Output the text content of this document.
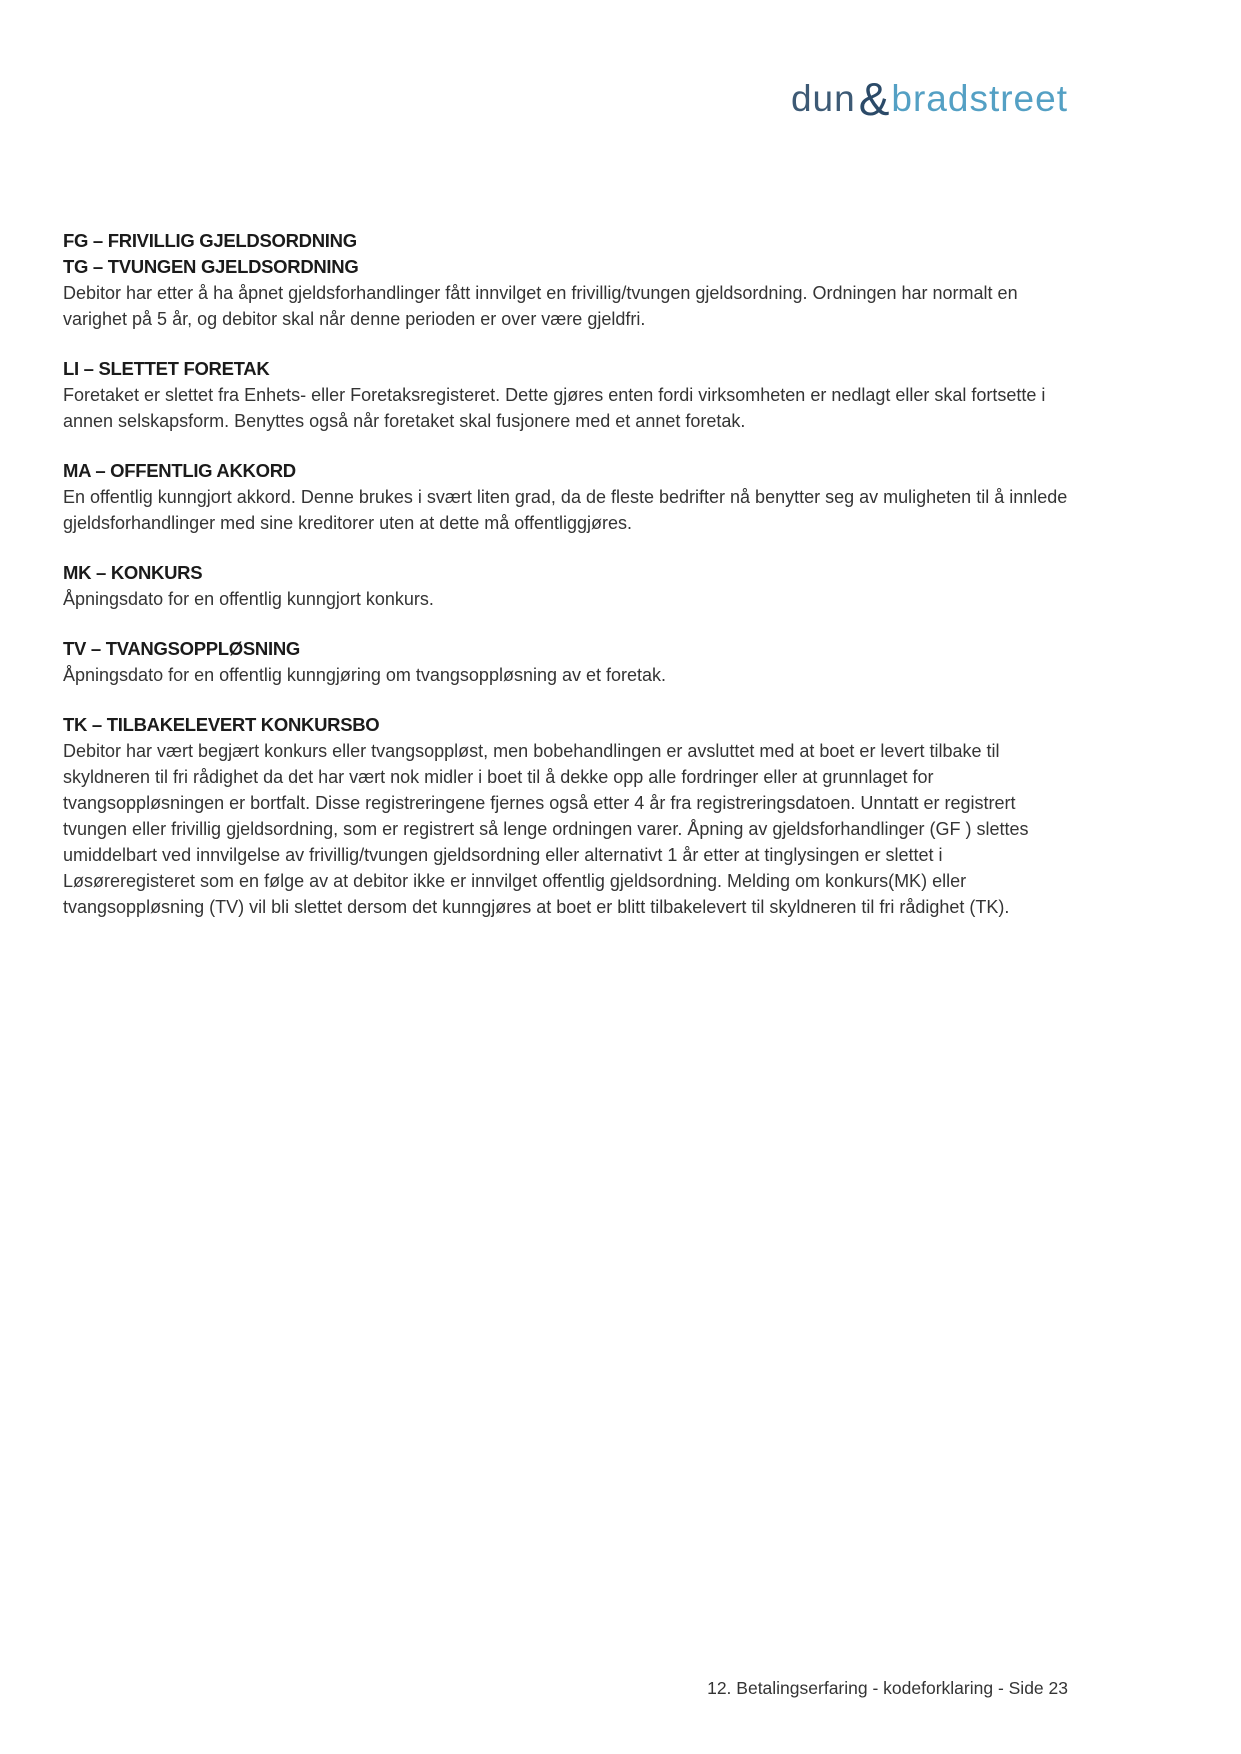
dun&bradstreet
FG – FRIVILLIG GJELDSORDNING
TG – TVUNGEN GJELDSORDNING

Debitor har etter å ha åpnet gjeldsforhandlinger fått innvilget en frivillig/tvungen gjeldsordning. Ordningen har normalt en varighet på 5 år, og debitor skal når denne perioden er over være gjeldfri.

LI – SLETTET FORETAK

Foretaket er slettet fra Enhets- eller Foretaksregisteret. Dette gjøres enten fordi virksomheten er nedlagt eller skal fortsette i annen selskapsform. Benyttes også når foretaket skal fusjonere med et annet foretak.

MA – OFFENTLIG AKKORD

En offentlig kunngjort akkord. Denne brukes i svært liten grad, da de fleste bedrifter nå benytter seg av muligheten til å innlede gjeldsforhandlinger med sine kreditorer uten at dette må offentliggjøres.

MK – KONKURS

Åpningsdato for en offentlig kunngjort konkurs.

TV – TVANGSOPPLØSNING

Åpningsdato for en offentlig kunngjøring om tvangsoppløsning av et foretak.

TK – TILBAKELEVERT KONKURSBO

Debitor har vært begjært konkurs eller tvangsoppløst, men bobehandlingen er avsluttet med at boet er levert tilbake til skyldneren til fri rådighet da det har vært nok midler i boet til å dekke opp alle fordringer eller at grunnlaget for tvangsoppløsningen er bortfalt. Disse registreringene fjernes også etter 4 år fra registreringsdatoen. Unntatt er registrert tvungen eller frivillig gjeldsordning, som er registrert så lenge ordningen varer. Åpning av gjeldsforhandlinger (GF ) slettes umiddelbart ved innvilgelse av frivillig/tvungen gjeldsordning eller alternativt 1 år etter at tinglysingen er slettet i Løsøreregisteret som en følge av at debitor ikke er innvilget offentlig gjeldsordning. Melding om konkurs(MK) eller tvangsoppløsning (TV) vil bli slettet dersom det kunngjøres at boet er blitt tilbakelevert til skyldneren til fri rådighet (TK).

12. Betalingserfaring - kodeforklaring - Side 23
